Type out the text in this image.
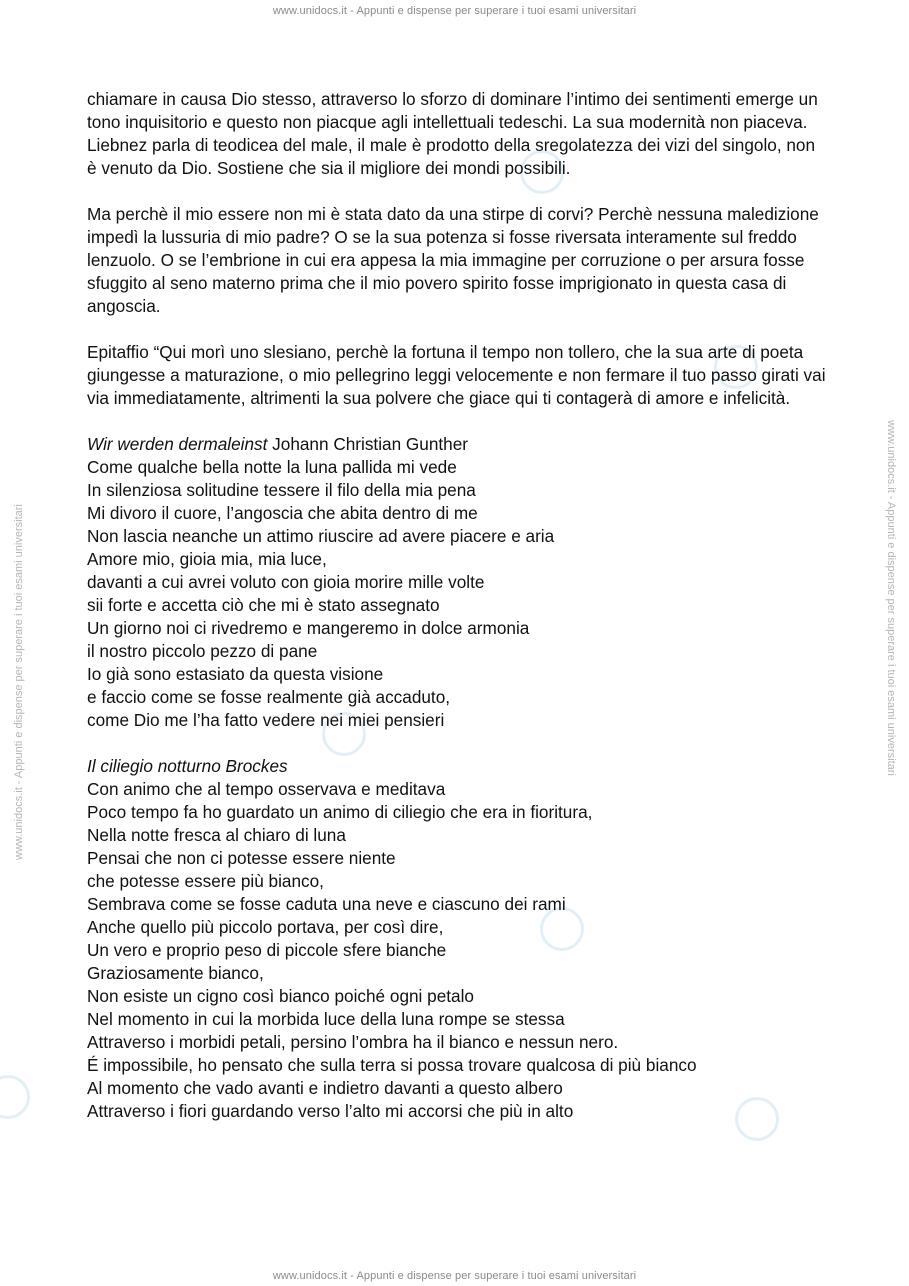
www.unidocs.it - Appunti e dispense per superare i tuoi esami universitari
www.unidocs.it - Appunti e dispense per superare i tuoi esami universitari	www.unidocs.it - Appunti e dispense per superare i tuoi esami universitari

chiamare in causa Dio stesso, attraverso lo sforzo di dominare l’intimo dei sentimenti emerge un tono inquisitorio e questo non piacque agli intellettuali tedeschi. La sua modernità non piaceva.

Liebnez parla di teodicea del male, il male è prodotto della sregolatezza dei vizi del singolo, non è venuto da Dio. Sostiene che sia il migliore dei mondi possibili.

Ma perchè il mio essere non mi è stata dato da una stirpe di corvi? Perchè nessuna maledizione impedì la lussuria di mio padre? O se la sua potenza si fosse riversata interamente sul freddo lenzuolo. O se l’embrione in cui era appesa la mia immagine per corruzione o per arsura fosse sfuggito al seno materno prima che il mio povero spirito fosse imprigionato in questa casa di angoscia.

Epitaffio “Qui morì uno slesiano, perchè la fortuna il tempo non tollero, che la sua arte di poeta giungesse a maturazione, o mio pellegrino leggi velocemente e non fermare il tuo passo girati vai via immediatamente, altrimenti la sua polvere che giace qui ti contagerà di amore e infelicità.

Wir werden dermaleinst Johann Christian Gunther
Come qualche bella notte la luna pallida mi vede
In silenziosa solitudine tessere il filo della mia pena
Mi divoro il cuore, l’angoscia che abita dentro di me
Non lascia neanche un attimo riuscire ad avere piacere e aria
Amore mio, gioia mia, mia luce,
davanti a cui avrei voluto con gioia morire mille volte
sii forte e accetta ciò che mi è stato assegnato
Un giorno noi ci rivedremo e mangeremo in dolce armonia
il nostro piccolo pezzo di pane
Io già sono estasiato da questa visione
e faccio come se fosse realmente già accaduto,
come Dio me l’ha fatto vedere nei miei pensieri
Il ciliegio notturno Brockes
Con animo che al tempo osservava e meditava
Poco tempo fa ho guardato un animo di ciliegio che era in fioritura,
Nella notte fresca al chiaro di luna
Pensai che non ci potesse essere niente
che potesse essere più bianco,
Sembrava come se fosse caduta una neve e ciascuno dei rami
Anche quello più piccolo portava, per così dire,
Un vero e proprio peso di piccole sfere bianche
Graziosamente bianco,
Non esiste un cigno così bianco poiché ogni petalo
Nel momento in cui la morbida luce della luna rompe se stessa
Attraverso i morbidi petali, persino l’ombra ha il bianco e nessun nero.
É impossibile, ho pensato che sulla terra si possa trovare qualcosa di più bianco
Al momento che vado avanti e indietro davanti a questo albero
Attraverso i fiori guardando verso l’alto mi accorsi che più in alto
www.unidocs.it - Appunti e dispense per superare i tuoi esami universitari
